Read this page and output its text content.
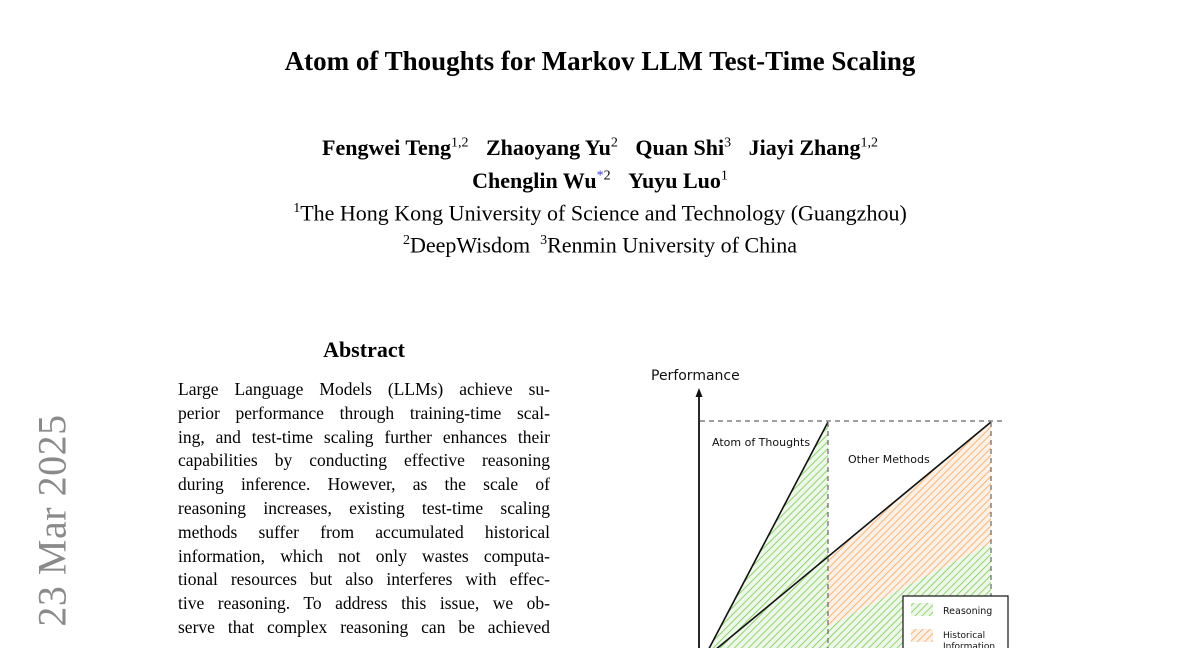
23 Mar 2025
Atom of Thoughts for Markov LLM Test-Time Scaling
Fengwei Teng$^{1,2}$ Zhaoyang Yu$^2$ Quan Shi$^3$ Jiayi Zhang$^{1,2}$
Chenglin Wu$^{*2}$ Yuyu Luo$^1$
$^1$The Hong Kong University of Science and Technology (Guangzhou)
$^2$DeepWisdom $^3$Renmin University of China
Abstract
Large Language Models (LLMs) achieve su-
perior performance through training-time scal-
ing, and test-time scaling further enhances their
capabilities by conducting effective reasoning
during inference. However, as the scale of
reasoning increases, existing test-time scaling
methods suffer from accumulated historical
information, which not only wastes computa-
tional resources but also interferes with effec-
tive reasoning. To address this issue, we ob-
serve that complex reasoning can be achieved
Performance
Atom of Thoughts
Other Methods
Reasoning
Historical Information
